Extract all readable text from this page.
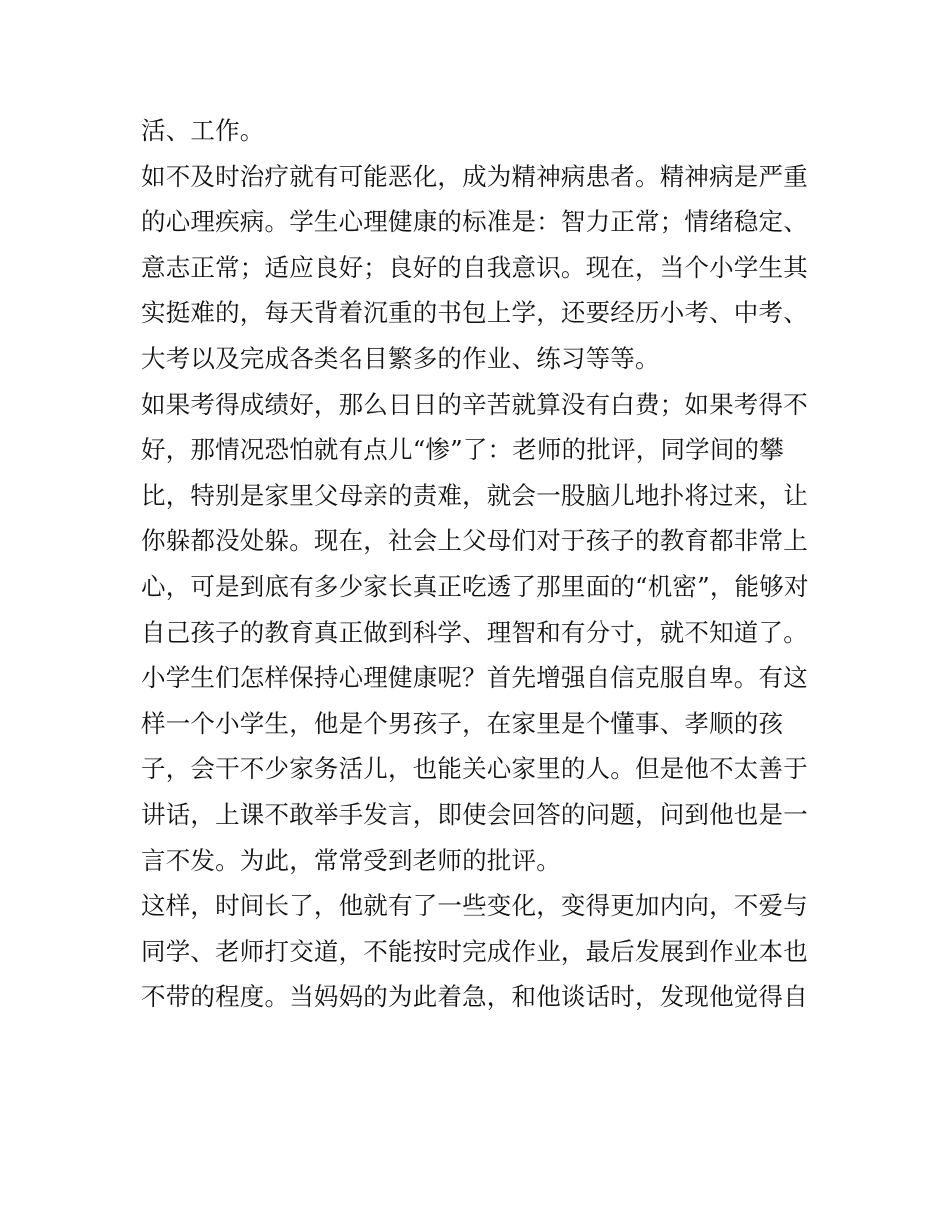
活、工作。
如不及时治疗就有可能恶化，成为精神病患者。精神病是严重
的心理疾病。学生心理健康的标准是：智力正常；情绪稳定、
意志正常；适应良好；良好的自我意识。现在，当个小学生其
实挺难的，每天背着沉重的书包上学，还要经历小考、中考、
大考以及完成各类名目繁多的作业、练习等等。
如果考得成绩好，那么日日的辛苦就算没有白费；如果考得不
好，那情况恐怕就有点儿“惨”了：老师的批评，同学间的攀
比，特别是家里父母亲的责难，就会一股脑儿地扑将过来，让
你躲都没处躲。现在，社会上父母们对于孩子的教育都非常上
心，可是到底有多少家长真正吃透了那里面的“机密”，能够对
自己孩子的教育真正做到科学、理智和有分寸，就不知道了。
小学生们怎样保持心理健康呢？首先增强自信克服自卑。有这
样一个小学生，他是个男孩子，在家里是个懂事、孝顺的孩
子，会干不少家务活儿，也能关心家里的人。但是他不太善于
讲话，上课不敢举手发言，即使会回答的问题，问到他也是一
言不发。为此，常常受到老师的批评。
这样，时间长了，他就有了一些变化，变得更加内向，不爱与
同学、老师打交道，不能按时完成作业，最后发展到作业本也
不带的程度。当妈妈的为此着急，和他谈话时，发现他觉得自
